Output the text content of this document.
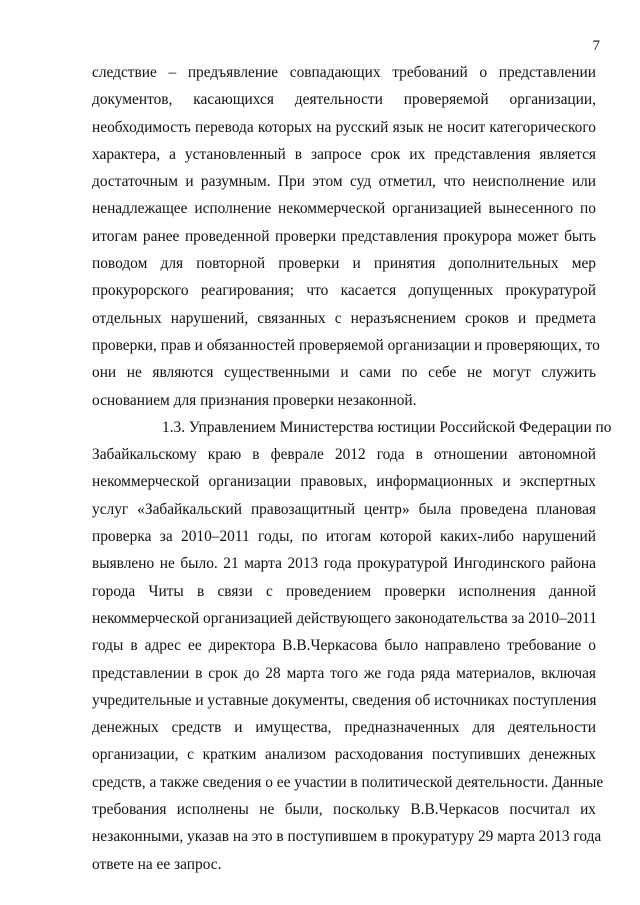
7
следствие – предъявление совпадающих требований о представлении
документов, касающихся деятельности проверяемой организации,
необходимость перевода которых на русский язык не носит категорического
характера, а установленный в запросе срок их представления является
достаточным и разумным. При этом суд отметил, что неисполнение или
ненадлежащее исполнение некоммерческой организацией вынесенного по
итогам ранее проведенной проверки представления прокурора может быть
поводом для повторной проверки и принятия дополнительных мер
прокурорского реагирования; что касается допущенных прокуратурой
отдельных нарушений, связанных с неразъяснением сроков и предмета
проверки, прав и обязанностей проверяемой организации и проверяющих, то
они не являются существенными и сами по себе не могут служить
основанием для признания проверки незаконной.
1.3. Управлением Министерства юстиции Российской Федерации по
Забайкальскому краю в феврале 2012 года в отношении автономной
некоммерческой организации правовых, информационных и экспертных
услуг «Забайкальский правозащитный центр» была проведена плановая
проверка за 2010–2011 годы, по итогам которой каких-либо нарушений
выявлено не было. 21 марта 2013 года прокуратурой Ингодинского района
города Читы в связи с проведением проверки исполнения данной
некоммерческой организацией действующего законодательства за 2010–2011
годы в адрес ее директора В.В.Черкасова было направлено требование о
представлении в срок до 28 марта того же года ряда материалов, включая
учредительные и уставные документы, сведения об источниках поступления
денежных средств и имущества, предназначенных для деятельности
организации, с кратким анализом расходования поступивших денежных
средств, а также сведения о ее участии в политической деятельности. Данные
требования исполнены не были, поскольку В.В.Черкасов посчитал их
незаконными, указав на это в поступившем в прокуратуру 29 марта 2013 года
ответе на ее запрос.
